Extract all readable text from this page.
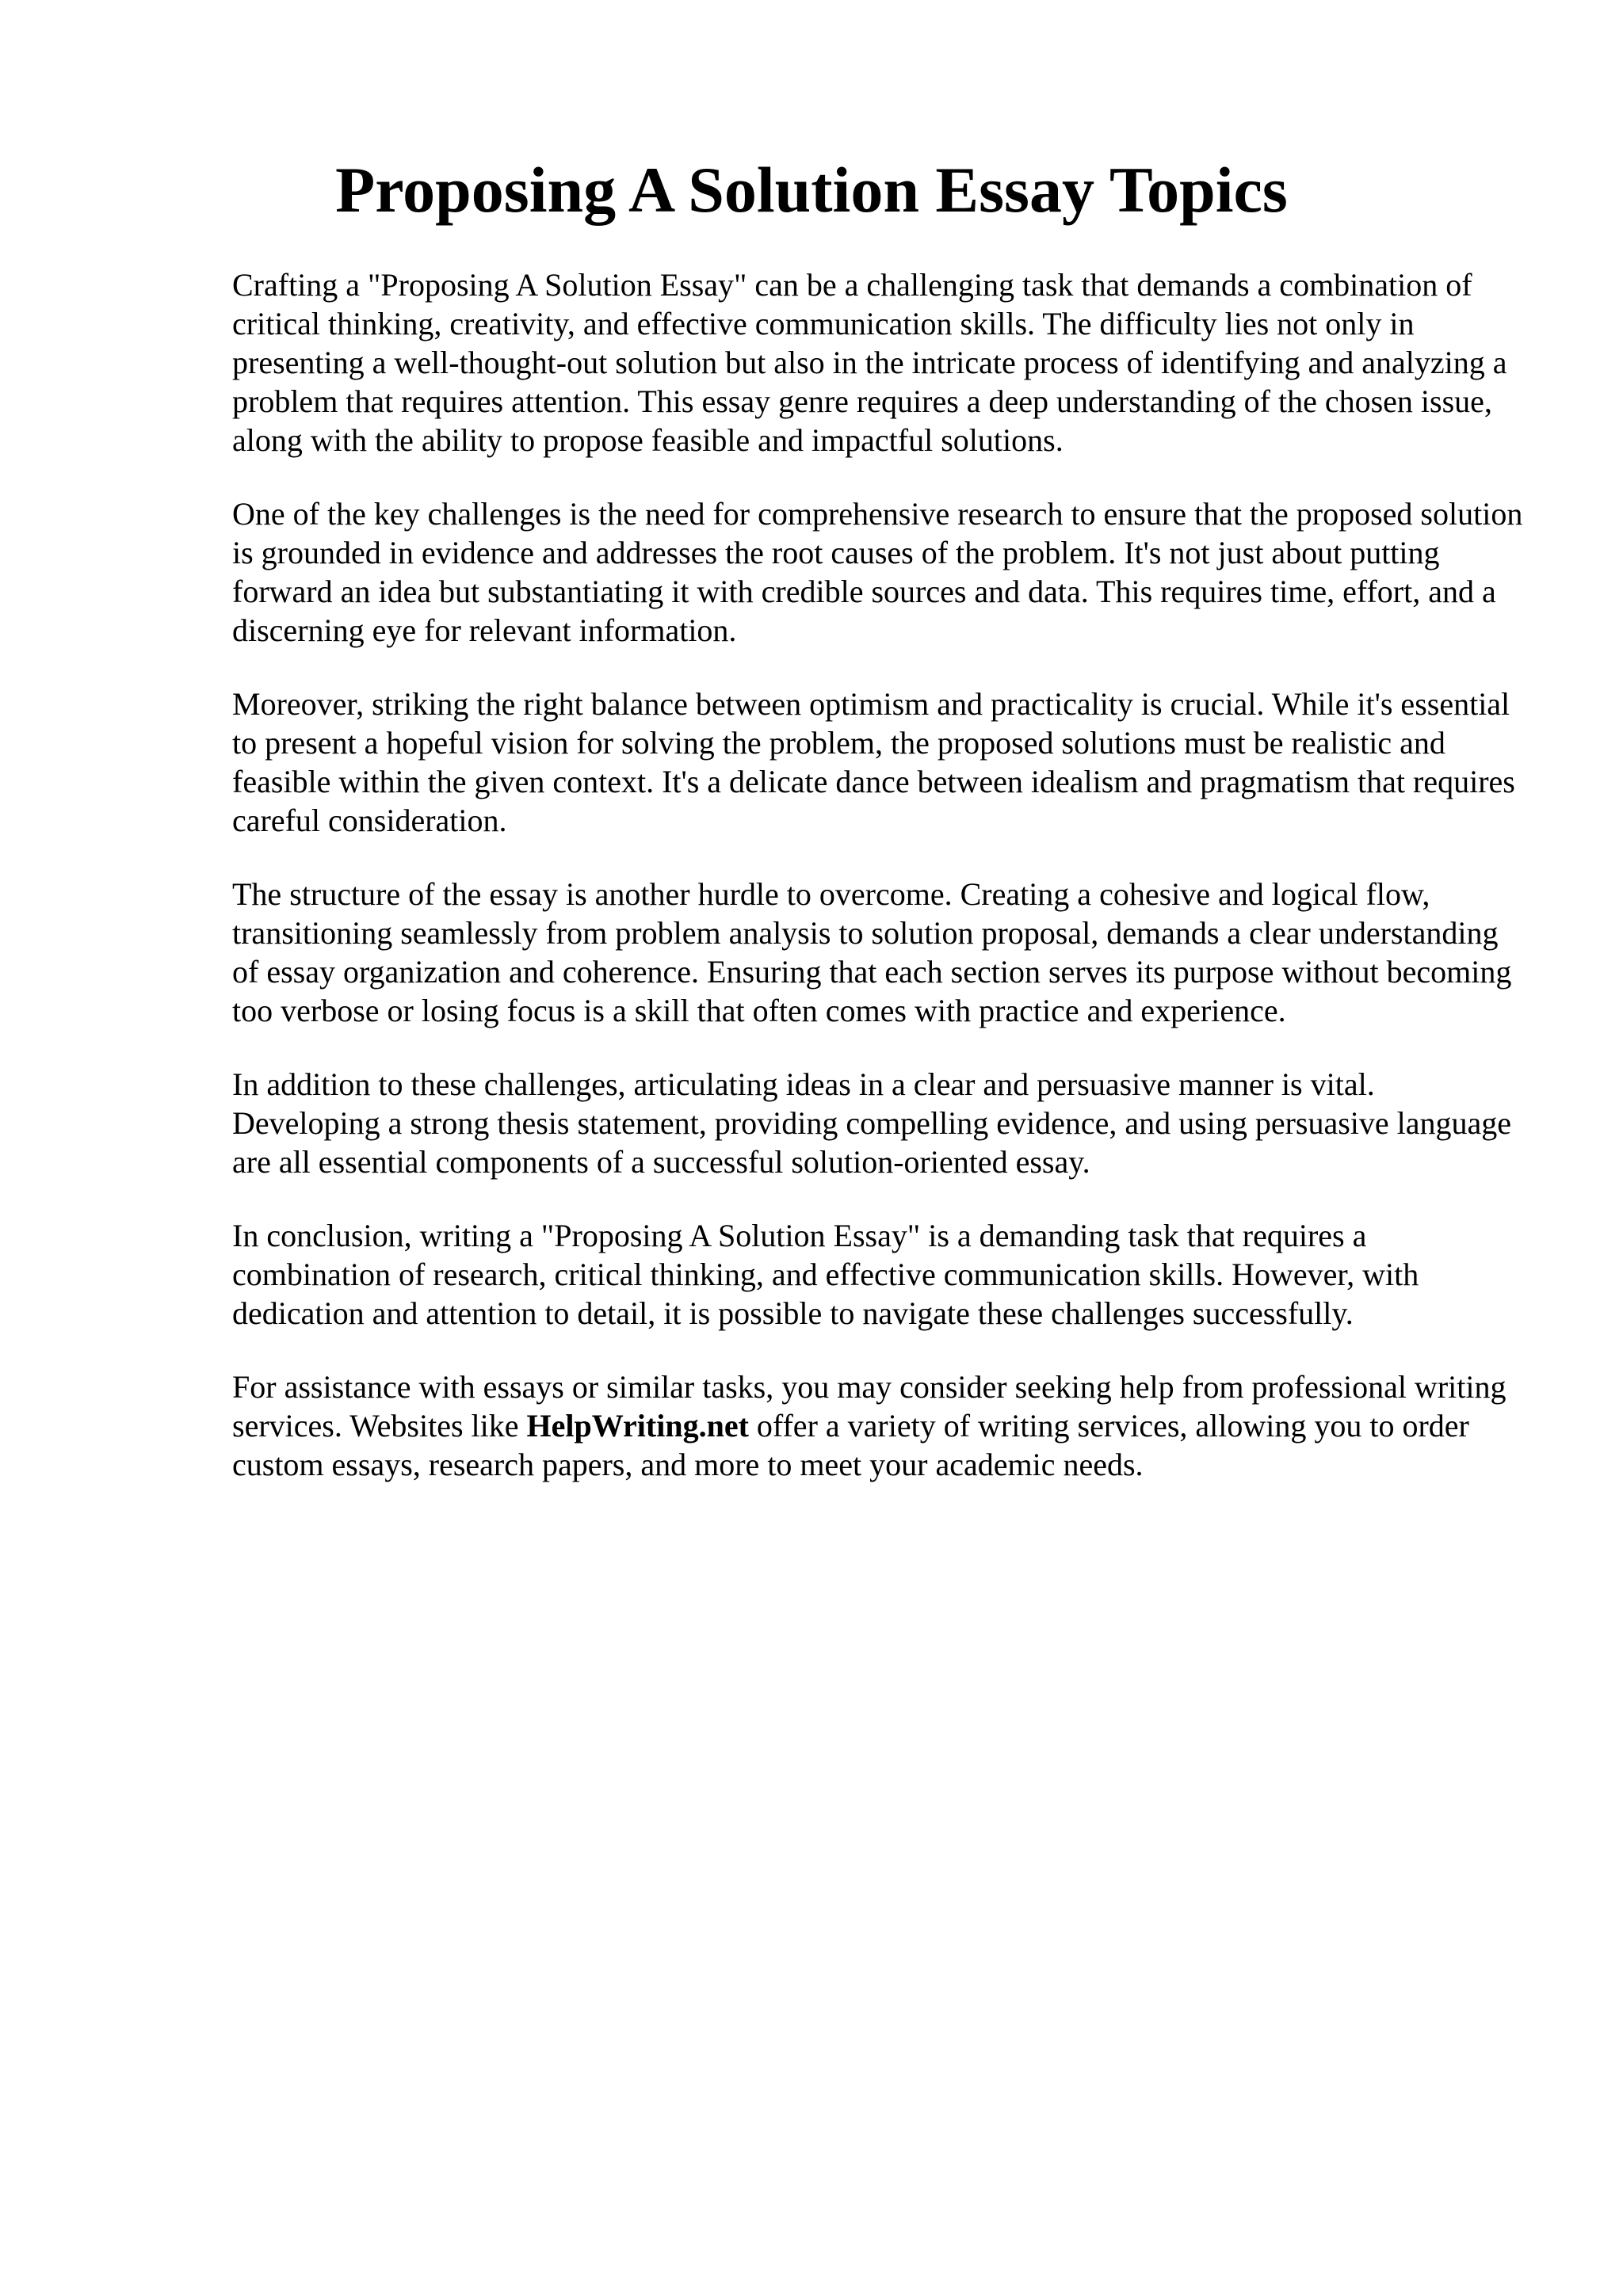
Proposing A Solution Essay Topics

Crafting a "Proposing A Solution Essay" can be a challenging task that demands a combination of critical thinking, creativity, and effective communication skills. The difficulty lies not only in presenting a well-thought-out solution but also in the intricate process of identifying and analyzing a problem that requires attention. This essay genre requires a deep understanding of the chosen issue, along with the ability to propose feasible and impactful solutions.

One of the key challenges is the need for comprehensive research to ensure that the proposed solution is grounded in evidence and addresses the root causes of the problem. It's not just about putting forward an idea but substantiating it with credible sources and data. This requires time, effort, and a discerning eye for relevant information.

Moreover, striking the right balance between optimism and practicality is crucial. While it's essential to present a hopeful vision for solving the problem, the proposed solutions must be realistic and feasible within the given context. It's a delicate dance between idealism and pragmatism that requires careful consideration.

The structure of the essay is another hurdle to overcome. Creating a cohesive and logical flow, transitioning seamlessly from problem analysis to solution proposal, demands a clear understanding of essay organization and coherence. Ensuring that each section serves its purpose without becoming too verbose or losing focus is a skill that often comes with practice and experience.

In addition to these challenges, articulating ideas in a clear and persuasive manner is vital. Developing a strong thesis statement, providing compelling evidence, and using persuasive language are all essential components of a successful solution-oriented essay.

In conclusion, writing a "Proposing A Solution Essay" is a demanding task that requires a combination of research, critical thinking, and effective communication skills. However, with dedication and attention to detail, it is possible to navigate these challenges successfully.

For assistance with essays or similar tasks, you may consider seeking help from professional writing services. Websites like HelpWriting.net offer a variety of writing services, allowing you to order custom essays, research papers, and more to meet your academic needs.
